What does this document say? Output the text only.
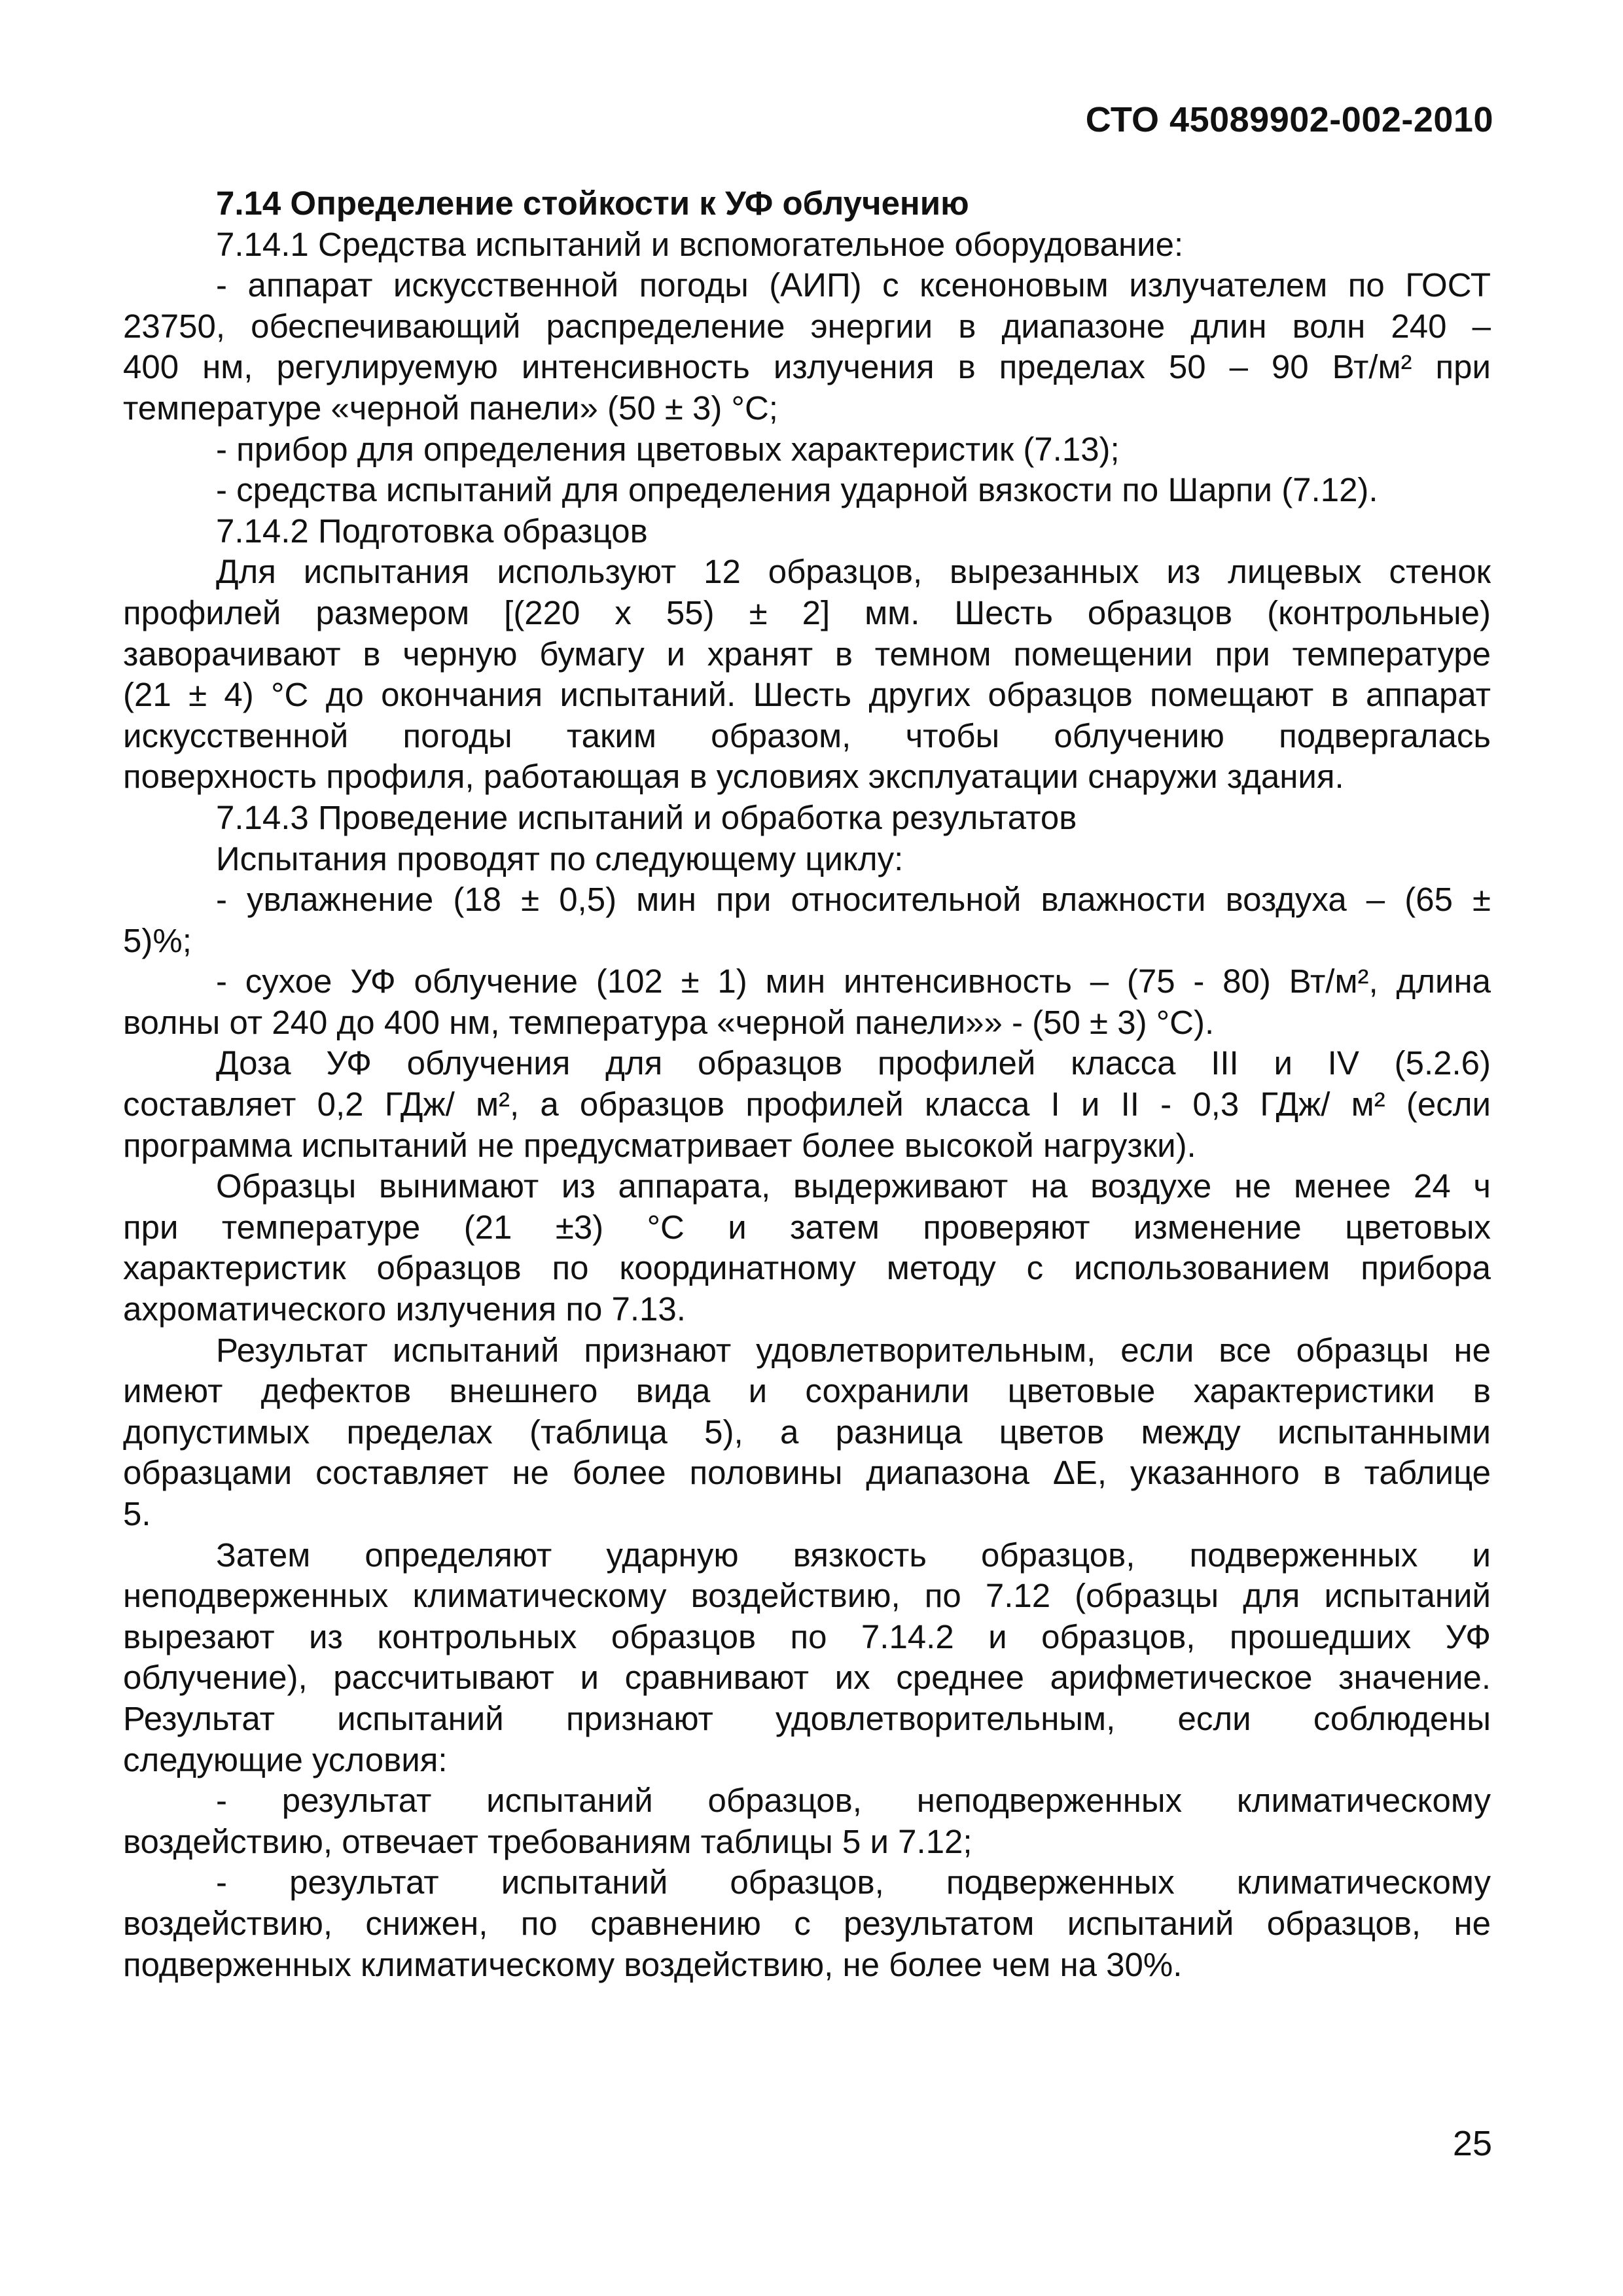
СТО 45089902-002-2010
7.14 Определение стойкости к УФ облучению
7.14.1 Средства испытаний и вспомогательное оборудование:
- аппарат искусственной погоды (АИП) с ксеноновым излучателем по ГОСТ
23750, обеспечивающий распределение энергии в диапазоне длин волн 240 –
400 нм, регулируемую интенсивность излучения в пределах 50 – 90 Вт/м² при
температуре «черной панели» (50 ± 3) °С;
- прибор для определения цветовых характеристик (7.13);
- средства испытаний для определения ударной вязкости по Шарпи (7.12).
7.14.2 Подготовка образцов
Для испытания используют 12 образцов, вырезанных из лицевых стенок
профилей размером [(220 x 55) ± 2] мм. Шесть образцов (контрольные)
заворачивают в черную бумагу и хранят в темном помещении при температуре
(21 ± 4) °С до окончания испытаний. Шесть других образцов помещают в аппарат
искусственной погоды таким образом, чтобы облучению подвергалась
поверхность профиля, работающая в условиях эксплуатации снаружи здания.
7.14.3 Проведение испытаний и обработка результатов
Испытания проводят по следующему циклу:
- увлажнение (18 ± 0,5) мин при относительной влажности воздуха – (65 ±
5)%;
- сухое УФ облучение (102 ± 1) мин интенсивность – (75 - 80) Вт/м², длина
волны от 240 до 400 нм, температура «черной панели»» - (50 ± 3) °С).
Доза УФ облучения для образцов профилей класса III и IV (5.2.6)
составляет 0,2 ГДж/ м², а образцов профилей класса I и II - 0,3 ГДж/ м² (если
программа испытаний не предусматривает более высокой нагрузки).
Образцы вынимают из аппарата, выдерживают на воздухе не менее 24 ч
при температуре (21 ±3) °С и затем проверяют изменение цветовых
характеристик образцов по координатному методу с использованием прибора
ахроматического излучения по 7.13.
Результат испытаний признают удовлетворительным, если все образцы не
имеют дефектов внешнего вида и сохранили цветовые характеристики в
допустимых пределах (таблица 5), а разница цветов между испытанными
образцами составляет не более половины диапазона ΔЕ, указанного в таблице
5.
Затем определяют ударную вязкость образцов, подверженных и
неподверженных климатическому воздействию, по 7.12 (образцы для испытаний
вырезают из контрольных образцов по 7.14.2 и образцов, прошедших УФ
облучение), рассчитывают и сравнивают их среднее арифметическое значение.
Результат испытаний признают удовлетворительным, если соблюдены
следующие условия:
- результат испытаний образцов, неподверженных климатическому
воздействию, отвечает требованиям таблицы 5 и 7.12;
- результат испытаний образцов, подверженных климатическому
воздействию, снижен, по сравнению с результатом испытаний образцов, не
подверженных климатическому воздействию, не более чем на 30%.
25
